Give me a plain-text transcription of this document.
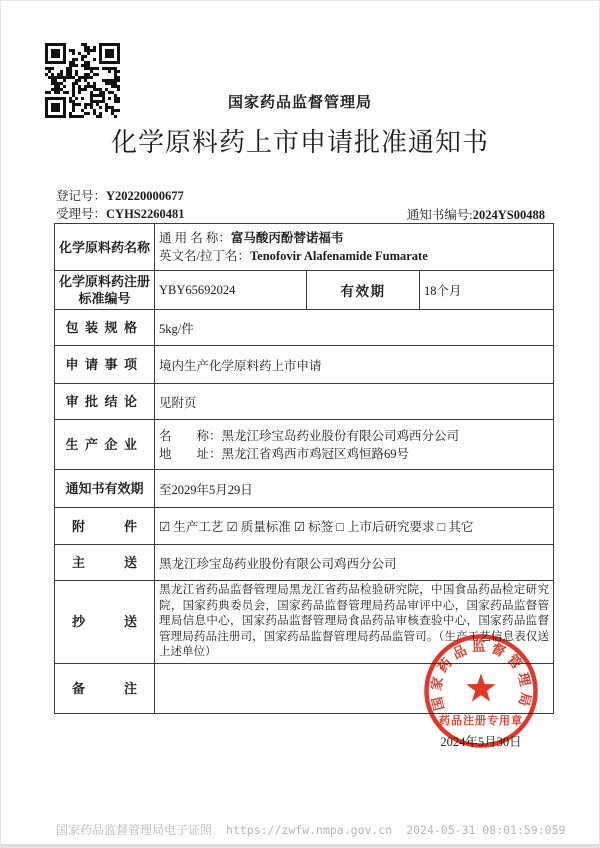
国家药品监督管理局
化学原料药上市申请批准通知书
登记号：Y20220000677
受理号：CYHS2260481	通知书编号:2024YS00488
化学原料药名称	通 用 名 称：富马酸丙酚替诺福韦
英文名/拉丁名：Tenofovir Alafenamide Fumarate		

化学原料药注册标准编号	YBY65692024	有效期	18个月
包装规格	5kg/件		
申请事项	境内生产化学原料药上市申请		
审批结论	见附页		
生产企业	名　　称：黑龙江珍宝岛药业股份有限公司鸡西分公司
地　　址：黑龙江省鸡西市鸡冠区鸡恒路69号		

通知书有效期	至2029年5月29日		
附　　　件	☑ 生产工艺 ☑ 质量标准 ☑ 标签 □ 上市后研究要求 □ 其它		
主　　　送	黑龙江珍宝岛药业股份有限公司鸡西分公司		
抄　　　送	黑龙江省药品监督管理局黑龙江省药品检验研究院，中国食品药品检定研究院，国家药典委员会，国家药品监督管理局药品审评中心，国家药品监督管理局信息中心，国家药品监督管理局食品药品审核查验中心，国家药品监督管理局药品注册司，国家药品监督管理局药品监管司。（生产工艺信息表仅送上述单位）		

备　　　注			
2024年5月30日
国家药品监督管理局
药品注册专用章
国家药品监督管理局电子证照 https://zwfw.nmpa.gov.cn 2024-05-31 08:01:59:059
